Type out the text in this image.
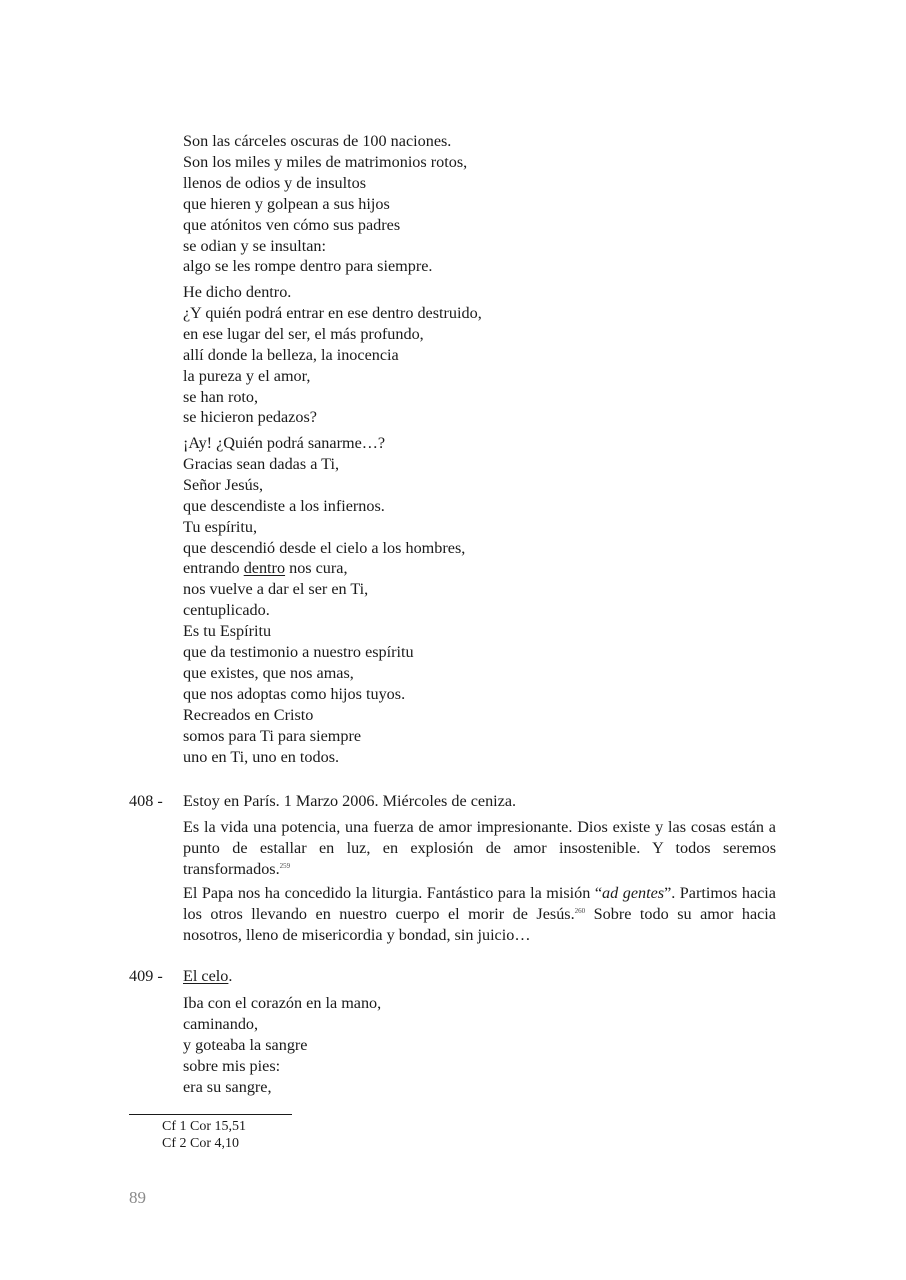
Son las cárceles oscuras de 100 naciones.
Son los miles y miles de matrimonios rotos,
llenos de odios y de insultos
que hieren y golpean a sus hijos
que atónitos ven cómo sus padres
se odian y se insultan:
algo se les rompe dentro para siempre.
He dicho dentro.
¿Y quién podrá entrar en ese dentro destruido,
en ese lugar del ser, el más profundo,
allí donde la belleza, la inocencia
la pureza y el amor,
se han roto,
se hicieron pedazos?
¡Ay! ¿Quién podrá sanarme…?
Gracias sean dadas a Ti,
Señor Jesús,
que descendiste a los infiernos.
Tu espíritu,
que descendió desde el cielo a los hombres,
entrando dentro nos cura,
nos vuelve a dar el ser en Ti,
centuplicado.
Es tu Espíritu
que da testimonio a nuestro espíritu
que existes, que nos amas,
que nos adoptas como hijos tuyos.
Recreados en Cristo
somos para Ti para siempre
uno en Ti, uno en todos.
408 - Estoy en París. 1 Marzo 2006. Miércoles de ceniza.
Es la vida una potencia, una fuerza de amor impresionante. Dios existe y las cosas están a punto de estallar en luz, en explosión de amor insostenible. Y todos seremos transformados.$^{259}$
El Papa nos ha concedido la liturgia. Fantástico para la misión “ad gentes”. Partimos hacia los otros llevando en nuestro cuerpo el morir de Jesús.$^{260}$ Sobre todo su amor hacia nosotros, lleno de misericordia y bondad, sin juicio…
409 - El celo.
Iba con el corazón en la mano,
caminando,
y goteaba la sangre
sobre mis pies:
era su sangre,
Cf 1 Cor 15,51
Cf 2 Cor 4,10
89
